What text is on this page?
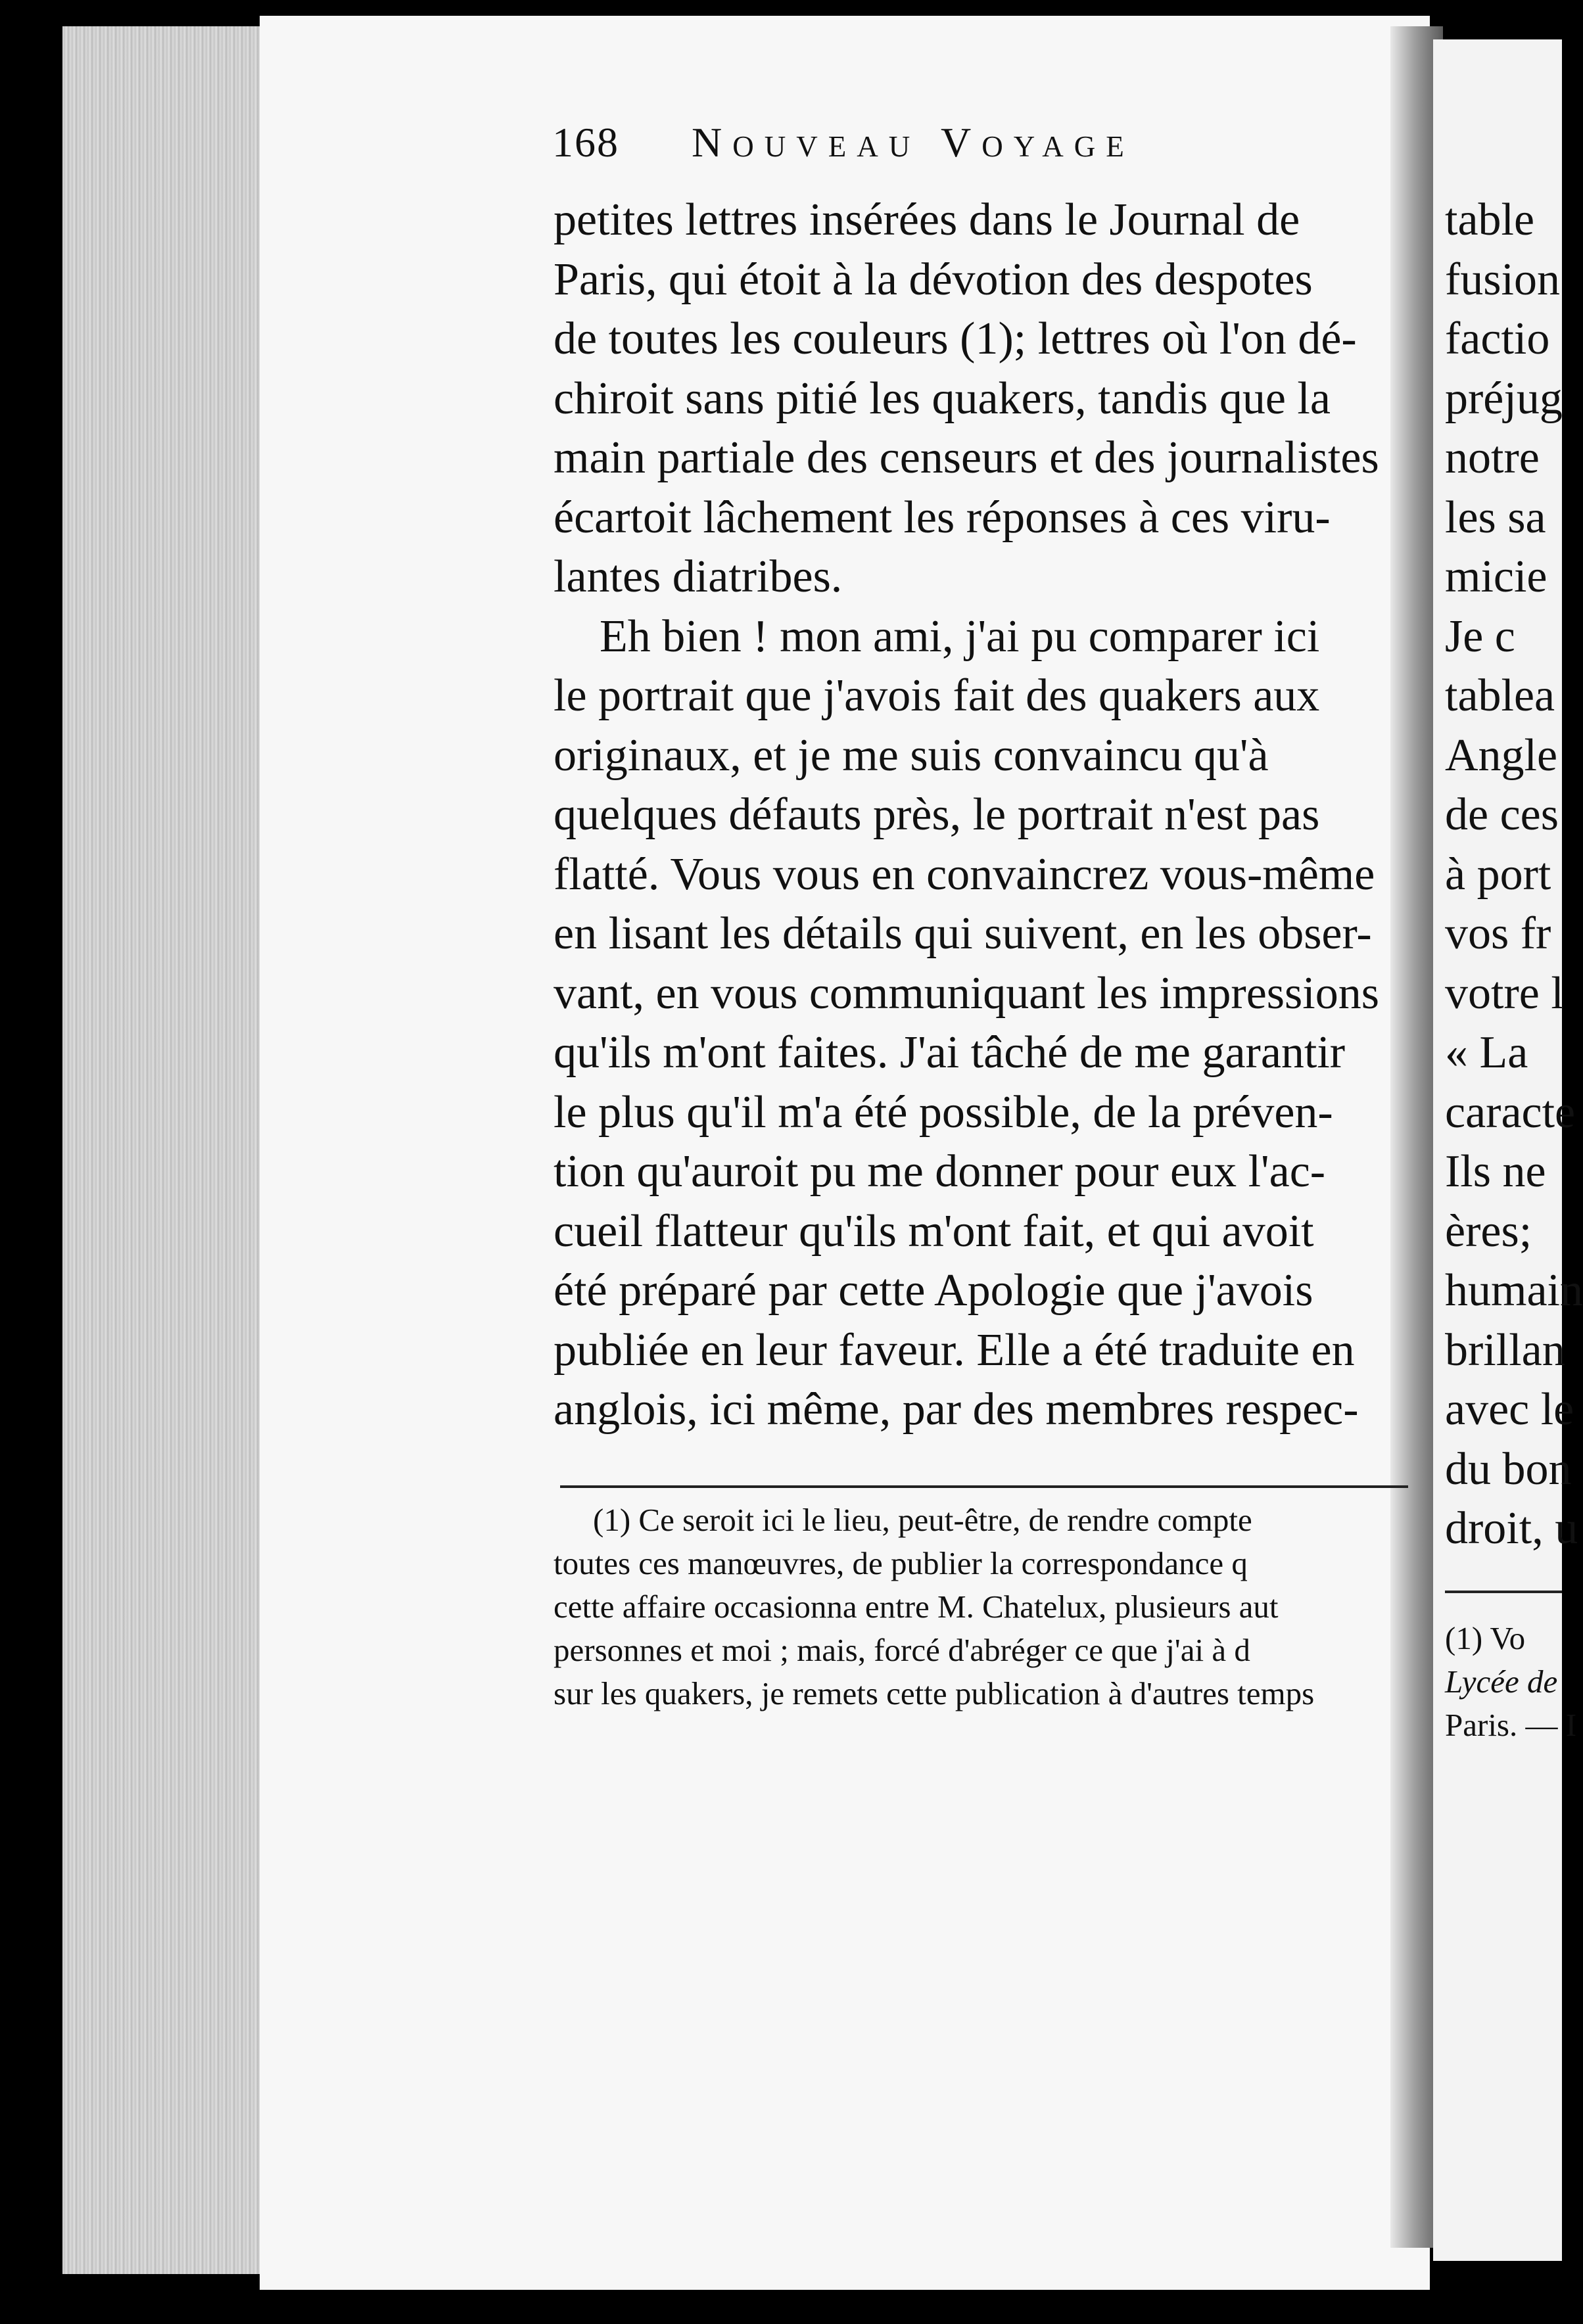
168 Nouveau Voyage
petites lettres insérées dans le Journal de
Paris, qui étoit à la dévotion des despotes
de toutes les couleurs (1); lettres où l'on dé-
chiroit sans pitié les quakers, tandis que la
main partiale des censeurs et des journalistes
écartoit lâchement les réponses à ces viru-
lantes diatribes.
Eh bien ! mon ami, j'ai pu comparer ici
le portrait que j'avois fait des quakers aux
originaux, et je me suis convaincu qu'à
quelques défauts près, le portrait n'est pas
flatté. Vous vous en convaincrez vous-même
en lisant les détails qui suivent, en les obser-
vant, en vous communiquant les impressions
qu'ils m'ont faites. J'ai tâché de me garantir
le plus qu'il m'a été possible, de la préven-
tion qu'auroit pu me donner pour eux l'ac-
cueil flatteur qu'ils m'ont fait, et qui avoit
été préparé par cette Apologie que j'avois
publiée en leur faveur. Elle a été traduite en
anglois, ici même, par des membres respec-
(1) Ce seroit ici le lieu, peut-être, de rendre compte
toutes ces manœuvres, de publier la correspondance q
cette affaire occasionna entre M. Chatelux, plusieurs aut
personnes et moi ; mais, forcé d'abréger ce que j'ai à d
sur les quakers, je remets cette publication à d'autres temps
table
fusion
factio
préjug
notre
les sa
micie
Je c
tablea
Angle
de ces
à port
vos fr
votre l
« La
caracte
Ils ne
ères;
humain
brillan
avec le
du bon
droit, u
(1) Vo
Lycée de
Paris. — I
